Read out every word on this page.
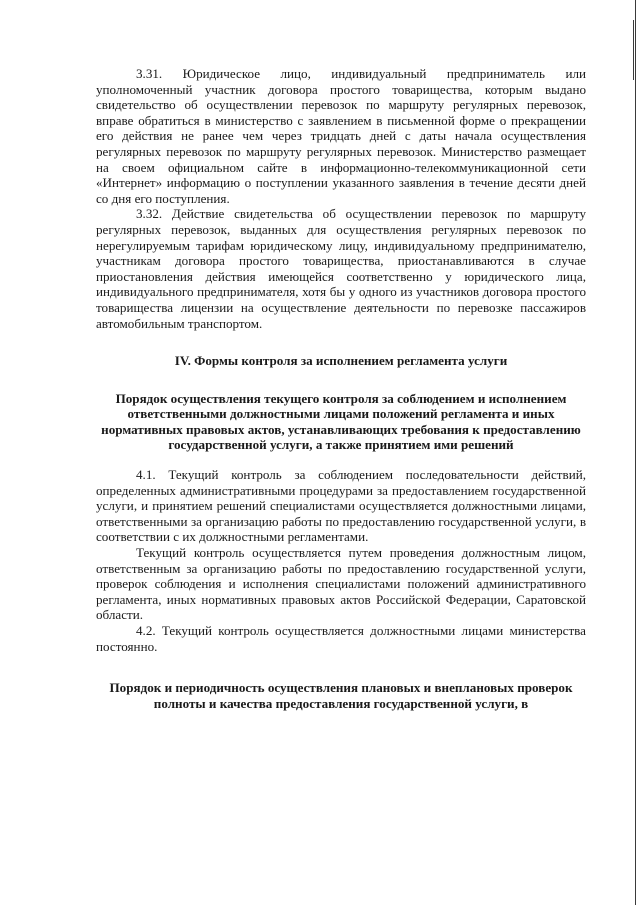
3.31. Юридическое лицо, индивидуальный предприниматель или уполномоченный участник договора простого товарищества, которым выдано свидетельство об осуществлении перевозок по маршруту регулярных перевозок, вправе обратиться в министерство с заявлением в письменной форме о прекращении его действия не ранее чем через тридцать дней с даты начала осуществления регулярных перевозок по маршруту регулярных перевозок. Министерство размещает на своем официальном сайте в информационно-телекоммуникационной сети «Интернет» информацию о поступлении указанного заявления в течение десяти дней со дня его поступления.

3.32. Действие свидетельства об осуществлении перевозок по маршруту регулярных перевозок, выданных для осуществления регулярных перевозок по нерегулируемым тарифам юридическому лицу, индивидуальному предпринимателю, участникам договора простого товарищества, приостанавливаются в случае приостановления действия имеющейся соответственно у юридического лица, индивидуального предпринимателя, хотя бы у одного из участников договора простого товарищества лицензии на осуществление деятельности по перевозке пассажиров автомобильным транспортом.

IV. Формы контроля за исполнением регламента услуги

Порядок осуществления текущего контроля за соблюдением и исполнением ответственными должностными лицами положений регламента и иных нормативных правовых актов, устанавливающих требования к предоставлению государственной услуги, а также принятием ими решений

4.1. Текущий контроль за соблюдением последовательности действий, определенных административными процедурами за предоставлением государственной услуги, и принятием решений специалистами осуществляется должностными лицами, ответственными за организацию работы по предоставлению государственной услуги, в соответствии с их должностными регламентами.

Текущий контроль осуществляется путем проведения должностным лицом, ответственным за организацию работы по предоставлению государственной услуги, проверок соблюдения и исполнения специалистами положений административного регламента, иных нормативных правовых актов Российской Федерации, Саратовской области.

4.2. Текущий контроль осуществляется должностными лицами министерства постоянно.

Порядок и периодичность осуществления плановых и внеплановых проверок полноты и качества предоставления государственной услуги, в
